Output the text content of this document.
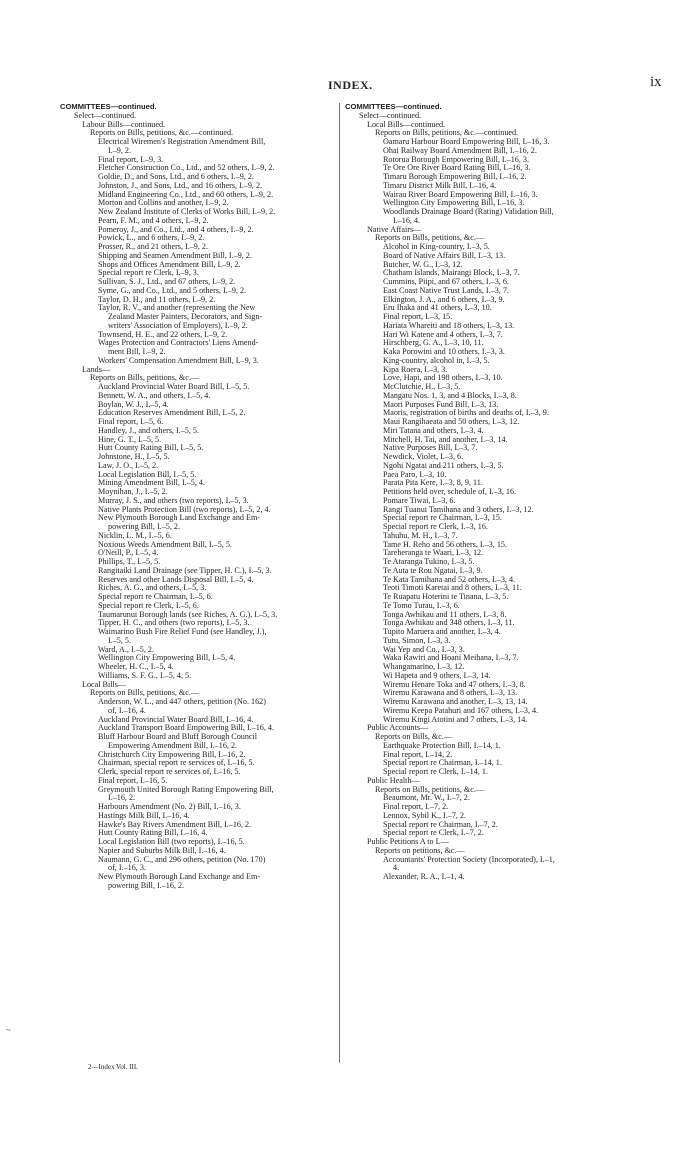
INDEX.	ix
COMMITTEES—continued.
Select—continued.
Labour Bills—continued.
Reports on Bills, petitions, &c.—continued.
Electrical Wiremen's Registration Amendment Bill,
I.–9, 2.
Final report, I.–9, 3.
Fletcher Construction Co., Ltd., and 52 others, I.–9, 2.
Goldie, D., and Sons, Ltd., and 6 others, I.–9, 2.
Johnston, J., and Sons, Ltd., and 16 others, I.–9, 2.
Midland Engineering Co., Ltd., and 60 others, I.–9, 2.
Morton and Collins and another, I.–9, 2.
New Zealand Institute of Clerks of Works Bill, I.–9, 2.
Pearn, F. M., and 4 others, I.–9, 2.
Pomeroy, J., and Co., Ltd., and 4 others, I.–9, 2.
Powick, L., and 6 others, I.–9, 2.
Prosser, R., and 21 others, I.–9, 2.
Shipping and Seamen Amendment Bill, I.–9, 2.
Shops and Offices Amendment Bill, I.–9, 2.
Special report re Clerk, I.–9, 3.
Sullivan, S. J., Ltd., and 67 others, I.–9, 2.
Syme, G., and Co., Ltd., and 5 others, I.–9, 2.
Taylor, D. H., and 11 others, I.–9, 2.
Taylor, R. V., and another (representing the New
Zealand Master Painters, Decorators, and Sign-
writers' Association of Employers), I.–9, 2.
Townsend, H. E., and 22 others, I.–9, 2.
Wages Protection and Contractors' Liens Amend-
ment Bill, I.–9, 2.
Workers' Compensation Amendment Bill, I.–9, 3.
Lands—
Reports on Bills, petitions, &c.—
Auckland Provincial Water Board Bill, I.–5, 5.
Bennett, W. A., and others, I.–5, 4.
Boylan, W. J., I.–5, 4.
Education Reserves Amendment Bill, I.–5, 2.
Final report, I.–5, 6.
Handley, J., and others, I.–5, 5.
Hine, G. T., I.–5, 5.
Hutt County Rating Bill, I.–5, 5.
Johnstone, H., I.–5, 5.
Law, J. O., I.–5, 2.
Local Legislation Bill, I.–5, 5.
Mining Amendment Bill, I.–5, 4.
Moynihan, J., I.–5, 2.
Murray, J. S., and others (two reports), I.–5, 3.
Native Plants Protection Bill (two reports), I.–5, 2, 4.
New Plymouth Borough Land Exchange and Em-
powering Bill, I.–5, 2.
Nicklin, L. M., I.–5, 6.
Noxious Weeds Amendment Bill, I.–5, 5.
O'Neill, P., I.–5, 4.
Phillips, T., I.–5, 5.
Rangitaiki Land Drainage (see Tipper, H. C.), I.–5, 3.
Reserves and other Lands Disposal Bill, I.–5, 4.
Riches, A. G., and others, I.–5, 3.
Special report re Chairman, I.–5, 6.
Special report re Clerk, I.–5, 6.
Taumarunui Borough lands (see Riches, A. G.), I.–5, 3.
Tipper, H. C., and others (two reports), I.–5, 3.
Waimarino Bush Fire Relief Fund (see Handley, J.),
I.–5, 5.
Ward, A., I.–5, 2.
Wellington City Empowering Bill, I.–5, 4.
Wheeler, H. C., I.–5, 4.
Williams, S. F. G., I.–5, 4, 5.
Local Bills—
Reports on Bills, petitions, &c.—
Anderson, W. L., and 447 others, petition (No. 162)
of, I.–16, 4.
Auckland Provincial Water Board Bill, I.–16, 4.
Auckland Transport Board Empowering Bill, I.–16, 4.
Bluff Harbour Board and Bluff Borough Council
Empowering Amendment Bill, I.–16, 2.
Christchurch City Empowering Bill, I.–16, 2.
Chairman, special report re services of, I.–16, 5.
Clerk, special report re services of, I.–16, 5.
Final report, I.–16, 5.
Greymouth United Borough Rating Empowering Bill,
I.–16, 2.
Harbours Amendment (No. 2) Bill, I.–16, 3.
Hastings Milk Bill, I.–16, 4.
Hawke's Bay Rivers Amendment Bill, I.–16, 2.
Hutt County Rating Bill, I.–16, 4.
Local Legislation Bill (two reports), I.–16, 5.
Napier and Suburbs Milk Bill, I.–16, 4.
Naumann, G. C., and 296 others, petition (No. 170)
of, I.–16, 3.
New Plymouth Borough Land Exchange and Em-
powering Bill, I.–16, 2.
COMMITTEES—continued.
Select—continued.
Local Bills—continued.
Reports on Bills, petitions, &c.—continued.
Oamaru Harbour Board Empowering Bill, I.–16, 3.
Ohai Railway Board Amendment Bill, I.–16, 2.
Rotorua Borough Empowering Bill, I.–16, 3.
Te Ore Ore River Board Rating Bill, I.–16, 3.
Timaru Borough Empowering Bill, I.–16, 2.
Timaru District Milk Bill, I.–16, 4.
Wairau River Board Empowering Bill, I.–16, 3.
Wellington City Empowering Bill, I.–16, 3.
Woodlands Drainage Board (Rating) Validation Bill,
I.–16, 4.
Native Affairs—
Reports on Bills, petitions, &c.—
Alcohol in King-country, I.–3, 5.
Board of Native Affairs Bill, I.–3, 13.
Butcher, W. G., I.–3, 12.
Chatham Islands, Mairangi Block, I.–3, 7.
Cummins, Piipi, and 67 others, I.–3, 6.
East Coast Native Trust Lands, I.–3, 7.
Elkington, J. A., and 6 others, I.–3, 9.
Eru Ihaka and 41 others, I.–3, 10.
Final report, I.–3, 15.
Hariata Whareiti and 18 others, I.–3, 13.
Hari Wi Katene and 4 others, I.–3, 7.
Hirschberg, G. A., I.–3, 10, 11.
Kaka Porowini and 10 others, I.–3, 3.
King-country, alcohol in, I.–3, 5.
Kipa Roera, I.–3, 3.
Love, Hapi, and 198 others, I.–3, 10.
McClutchie, H., I.–3, 5.
Mangatu Nos. 1, 3, and 4 Blocks, I.–3, 8.
Maori Purposes Fund Bill, I.–3, 13.
Maoris, registration of births and deaths of, I.–3, 9.
Maui Rangihaeata and 50 others, I.–3, 12.
Miri Tatana and others, I.–3, 4.
Mitchell, H. Tai, and another, I.–3, 14.
Native Purposes Bill, I.–3, 7.
Newdick, Violet, I.–3, 6.
Ngohi Ngatai and 211 others, I.–3, 5.
Paea Paro, I.–3, 10.
Parata Pita Kere, I.–3, 8, 9, 11.
Petitions held over, schedule of, I.–3, 16.
Pomare Tiwai, I.–3, 6.
Rangi Tuanui Tamihana and 3 others, I.–3, 12.
Special report re Chairman, I.–3, 15.
Special report re Clerk, I.–3, 16.
Tahuhu, M. H., I.–3, 7.
Tame H. Reho and 56 others, I.–3, 15.
Tareheranga te Waari, I.–3, 12.
Te Ataranga Tukino, I.–3, 5.
Te Auta te Rou Ngatai, I.–3, 9.
Te Kata Tamihana and 52 others, I.–3, 4.
Teoti Timoti Karetai and 8 others, I.–3, 11.
Te Ruapatu Hoterini te Tinana, I.–3, 5.
Te Tomo Turau, I.–3, 6.
Tonga Awhikau and 11 others, I.–3, 8.
Tonga Awhikau and 348 others, I.–3, 11.
Tupito Maruera and another, I.–3, 4.
Tutu, Simon, I.–3, 3.
Wai Yep and Co., I.–3, 3.
Waka Rawiri and Hoani Meihana, I.–3, 7.
Whangamarino, I.–3, 12.
Wi Hapeta and 9 others, I.–3, 14.
Wiremu Henare Toka and 47 others, I.–3, 8.
Wiremu Karawana and 8 others, I.–3, 13.
Wiremu Karawana and another, I.–3, 13, 14.
Wiremu Keepa Patahuri and 167 others, I.–3, 4.
Wiremu Kingi Atotini and 7 others, I.–3, 14.
Public Accounts—
Reports on Bills, &c.—
Earthquake Protection Bill, I.–14, 1.
Final report, I.–14, 2.
Special report re Chairman, I.–14, 1.
Special report re Clerk, I.–14, 1.
Public Health—
Reports on Bills, petitions, &c.—
Beaumont, Mr. W., I.–7, 2.
Final report, I.–7, 2.
Lennox, Sybil K., I.–7, 2.
Special report re Chairman, I.–7, 2.
Special report re Clerk, I.–7, 2.
Public Petitions A to L—
Reports on petitions, &c.—
Accountants' Protection Society (Incorporated), I.–1,
4.
Alexander, R. A., I.–1, 4.
~
2—Index Vol. III.
